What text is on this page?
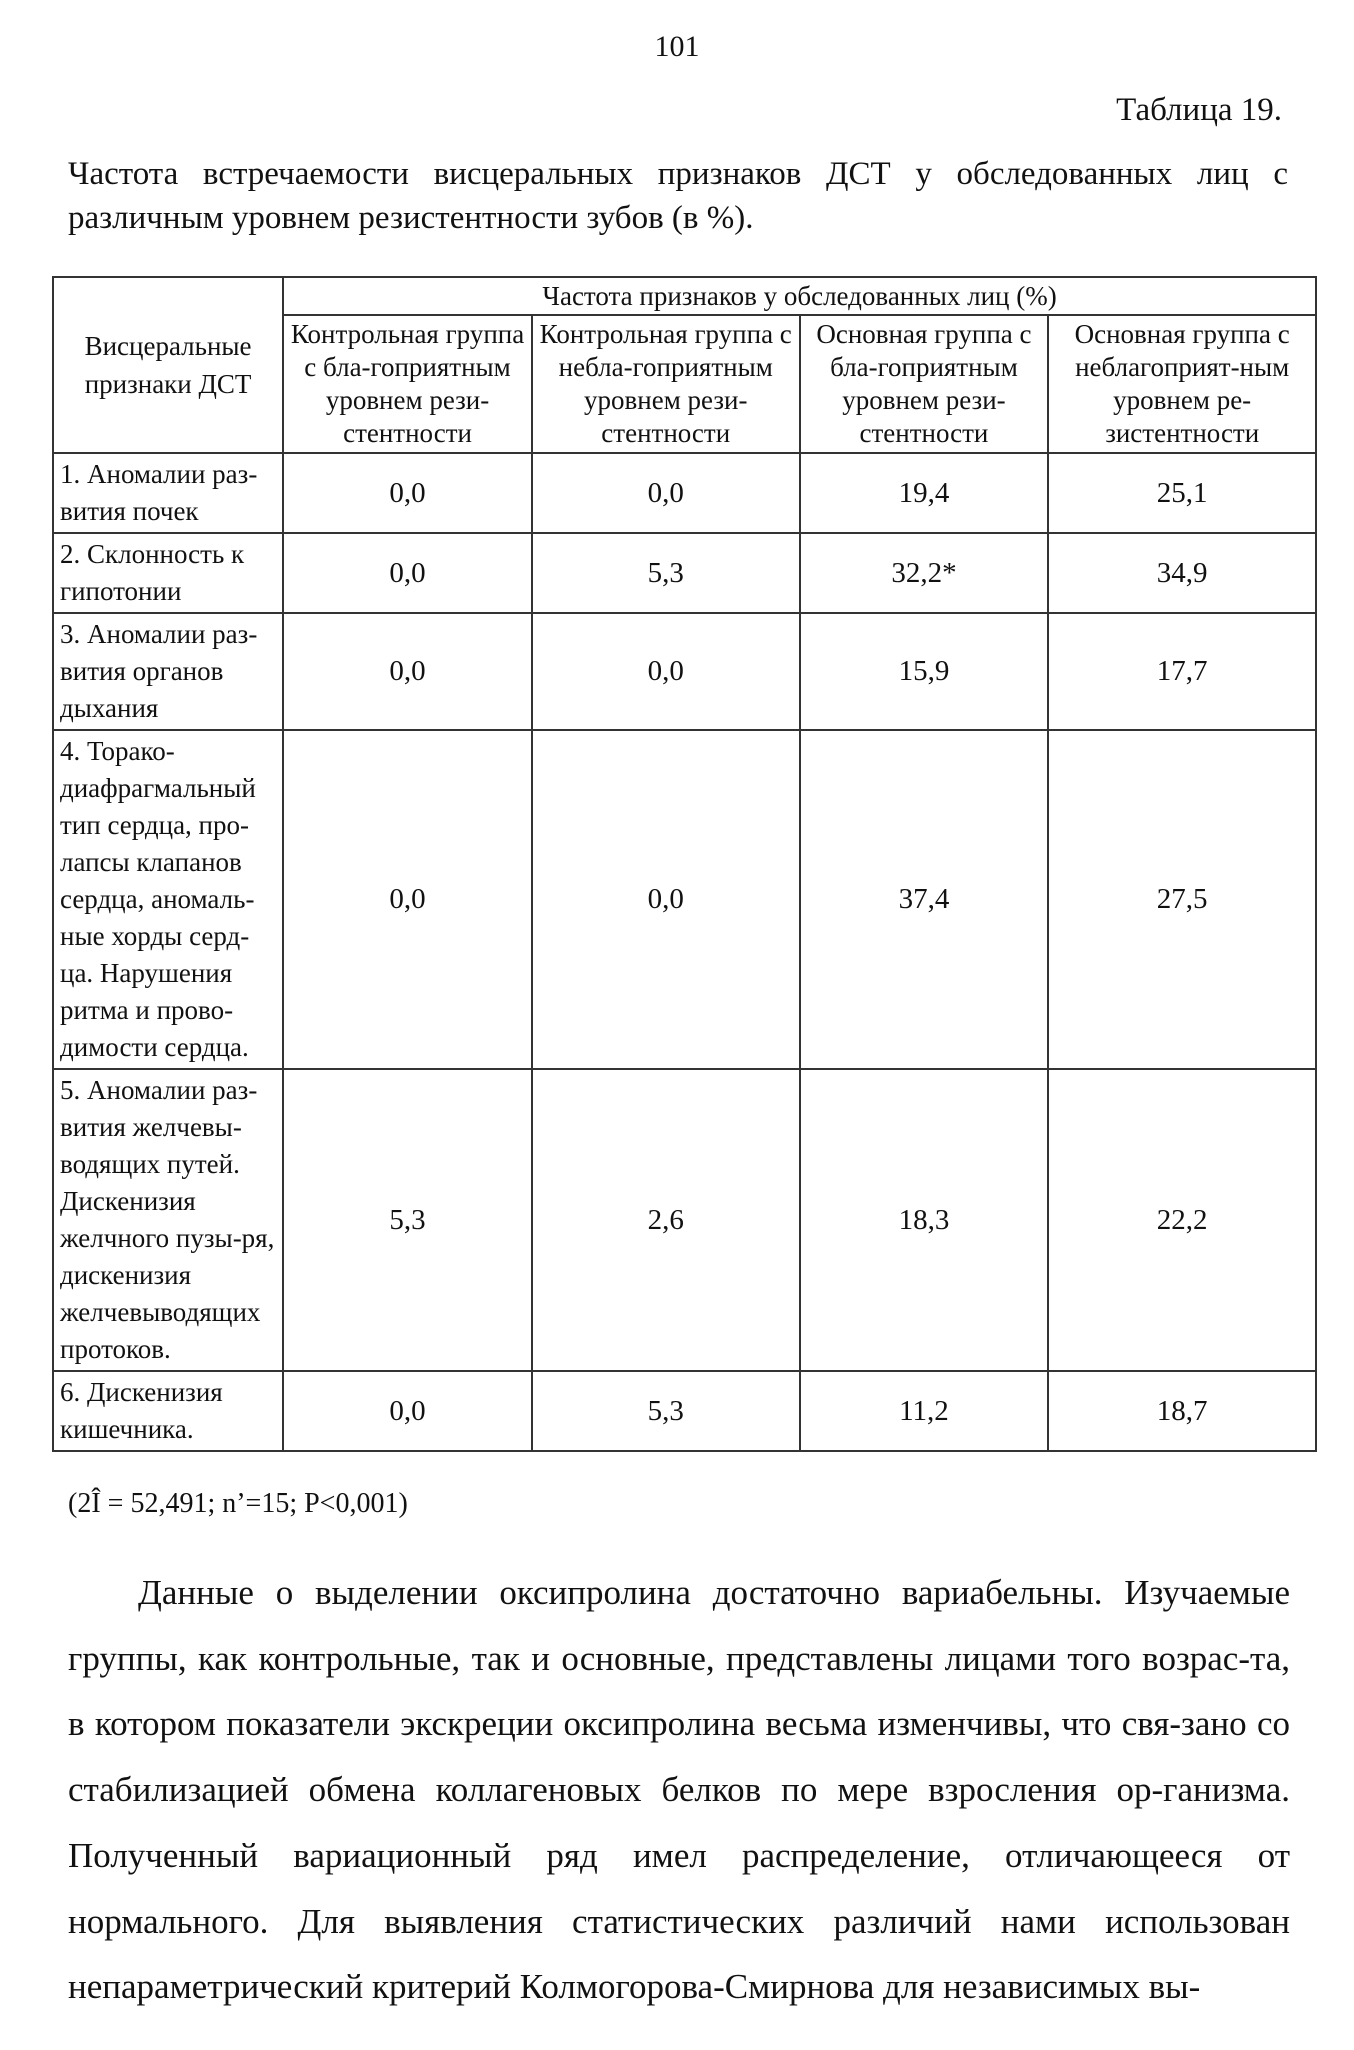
101
Таблица 19.
Частота встречаемости висцеральных признаков ДСТ у обследованных лиц с различным уровнем резистентности зубов (в %).
Висцеральные признаки ДСТ	Частота признаков у обследованных лиц (%)			
	Контрольная группа с бла-гоприятным уровнем рези-стентности	Контрольная группа с небла-гоприятным уровнем рези-стентности	Основная группа с бла-гоприятным уровнем рези-стентности	Основная группа с неблагоприят-ным уровнем ре-зистентности
1. Аномалии раз-вития почек	0,0	0,0	19,4	25,1
2. Склонность к гипотонии	0,0	5,3	32,2*	34,9
3. Аномалии раз-вития органов дыхания	0,0	0,0	15,9	17,7
4. Торако-диафрагмальный тип сердца, про-лапсы клапанов сердца, аномаль-ные хорды серд-ца. Нарушения ритма и прово-димости сердца.	0,0	0,0	37,4	27,5
5. Аномалии раз-вития желчевы-водящих путей. Дискенизия желчного пузы-ря, дискенизия желчевыводящих протоков.	5,3	2,6	18,3	22,2
6. Дискенизия кишечника.	0,0	5,3	11,2	18,7
(2Î = 52,491; n’=15; P<0,001)

Данные о выделении оксипролина достаточно вариабельны. Изучаемые группы, как контрольные, так и основные, представлены лицами того возрас-та, в котором показатели экскреции оксипролина весьма изменчивы, что свя-зано со стабилизацией обмена коллагеновых белков по мере взросления ор-ганизма. Полученный вариационный ряд имел распределение, отличающееся от нормального. Для выявления статистических различий нами использован непараметрический критерий Колмогорова-Смирнова для независимых вы-
